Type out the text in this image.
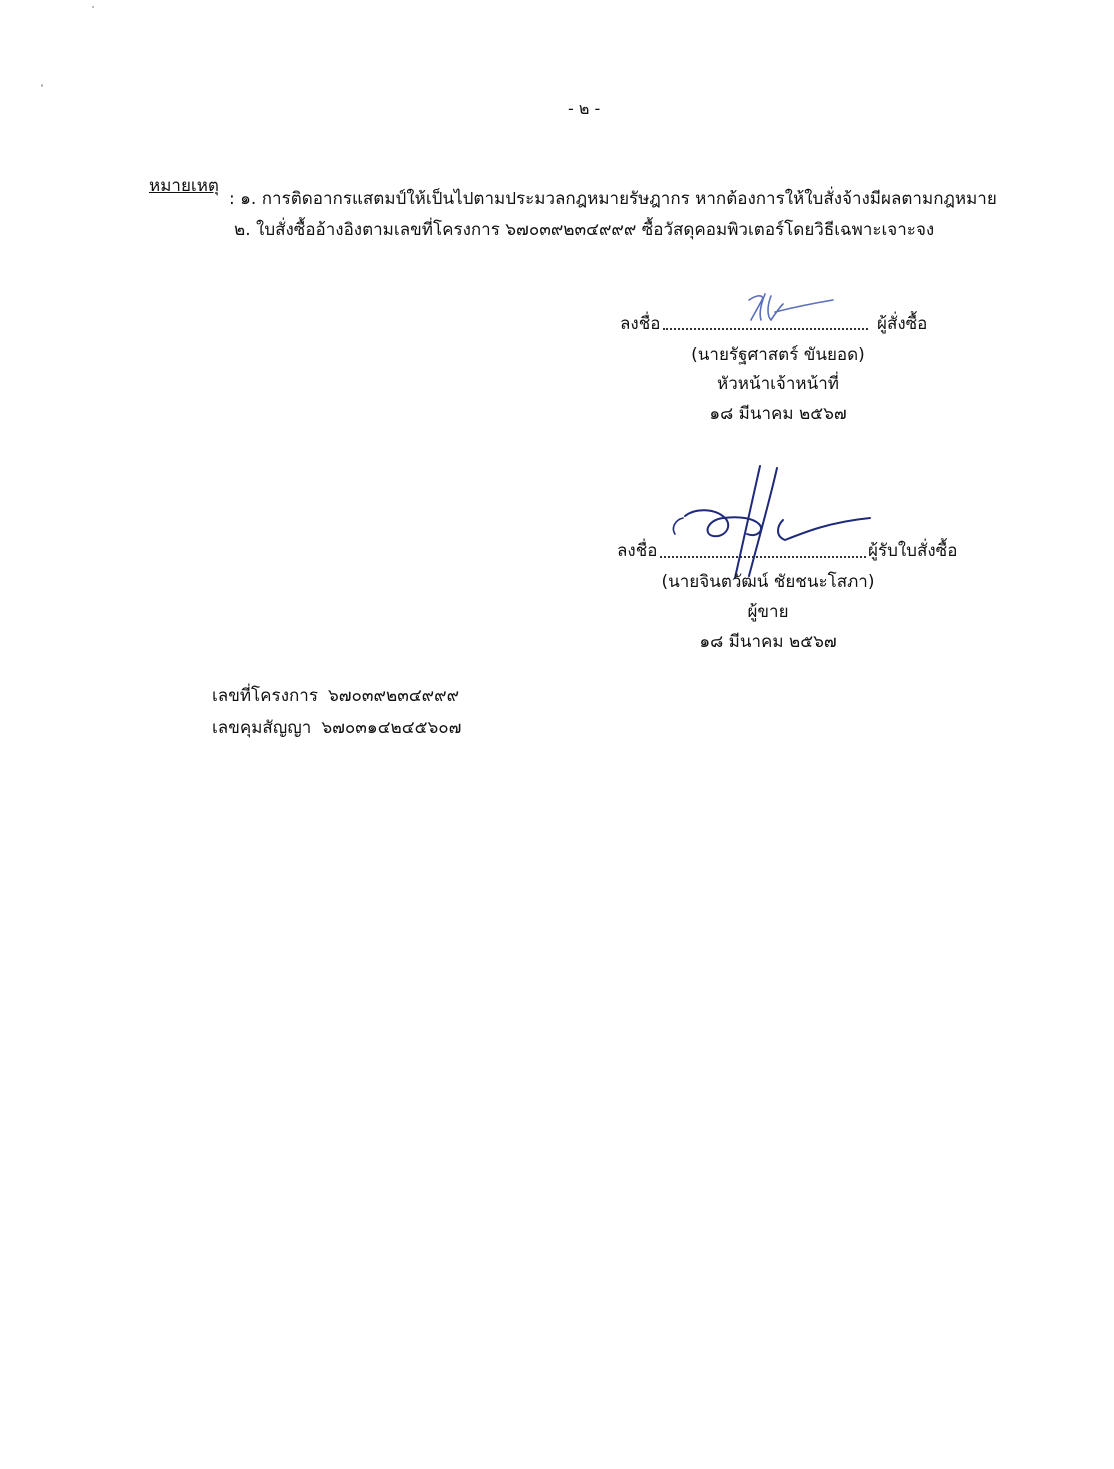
- ๒ -
หมายเหตุ
: ๑. การติดอากรแสตมป์ให้เป็นไปตามประมวลกฎหมายรัษฎากร หากต้องการให้ใบสั่งจ้างมีผลตามกฎหมาย
๒. ใบสั่งซื้ออ้างอิงตามเลขที่โครงการ ๖๗๐๓๙๒๓๔๙๙๙ ซื้อวัสดุคอมพิวเตอร์โดยวิธีเฉพาะเจาะจง
ลงชื่อ	ผู้สั่งซื้อ
(นายรัฐศาสตร์ ขันยอด)
หัวหน้าเจ้าหน้าที่
๑๘ มีนาคม ๒๕๖๗
ลงชื่อ	ผู้รับใบสั่งซื้อ
(นายจินตวัฒน์ ชัยชนะโสภา)
ผู้ขาย
๑๘ มีนาคม ๒๕๖๗
เลขที่โครงการ ๖๗๐๓๙๒๓๔๙๙๙
เลขคุมสัญญา ๖๗๐๓๑๔๒๔๕๖๐๗
